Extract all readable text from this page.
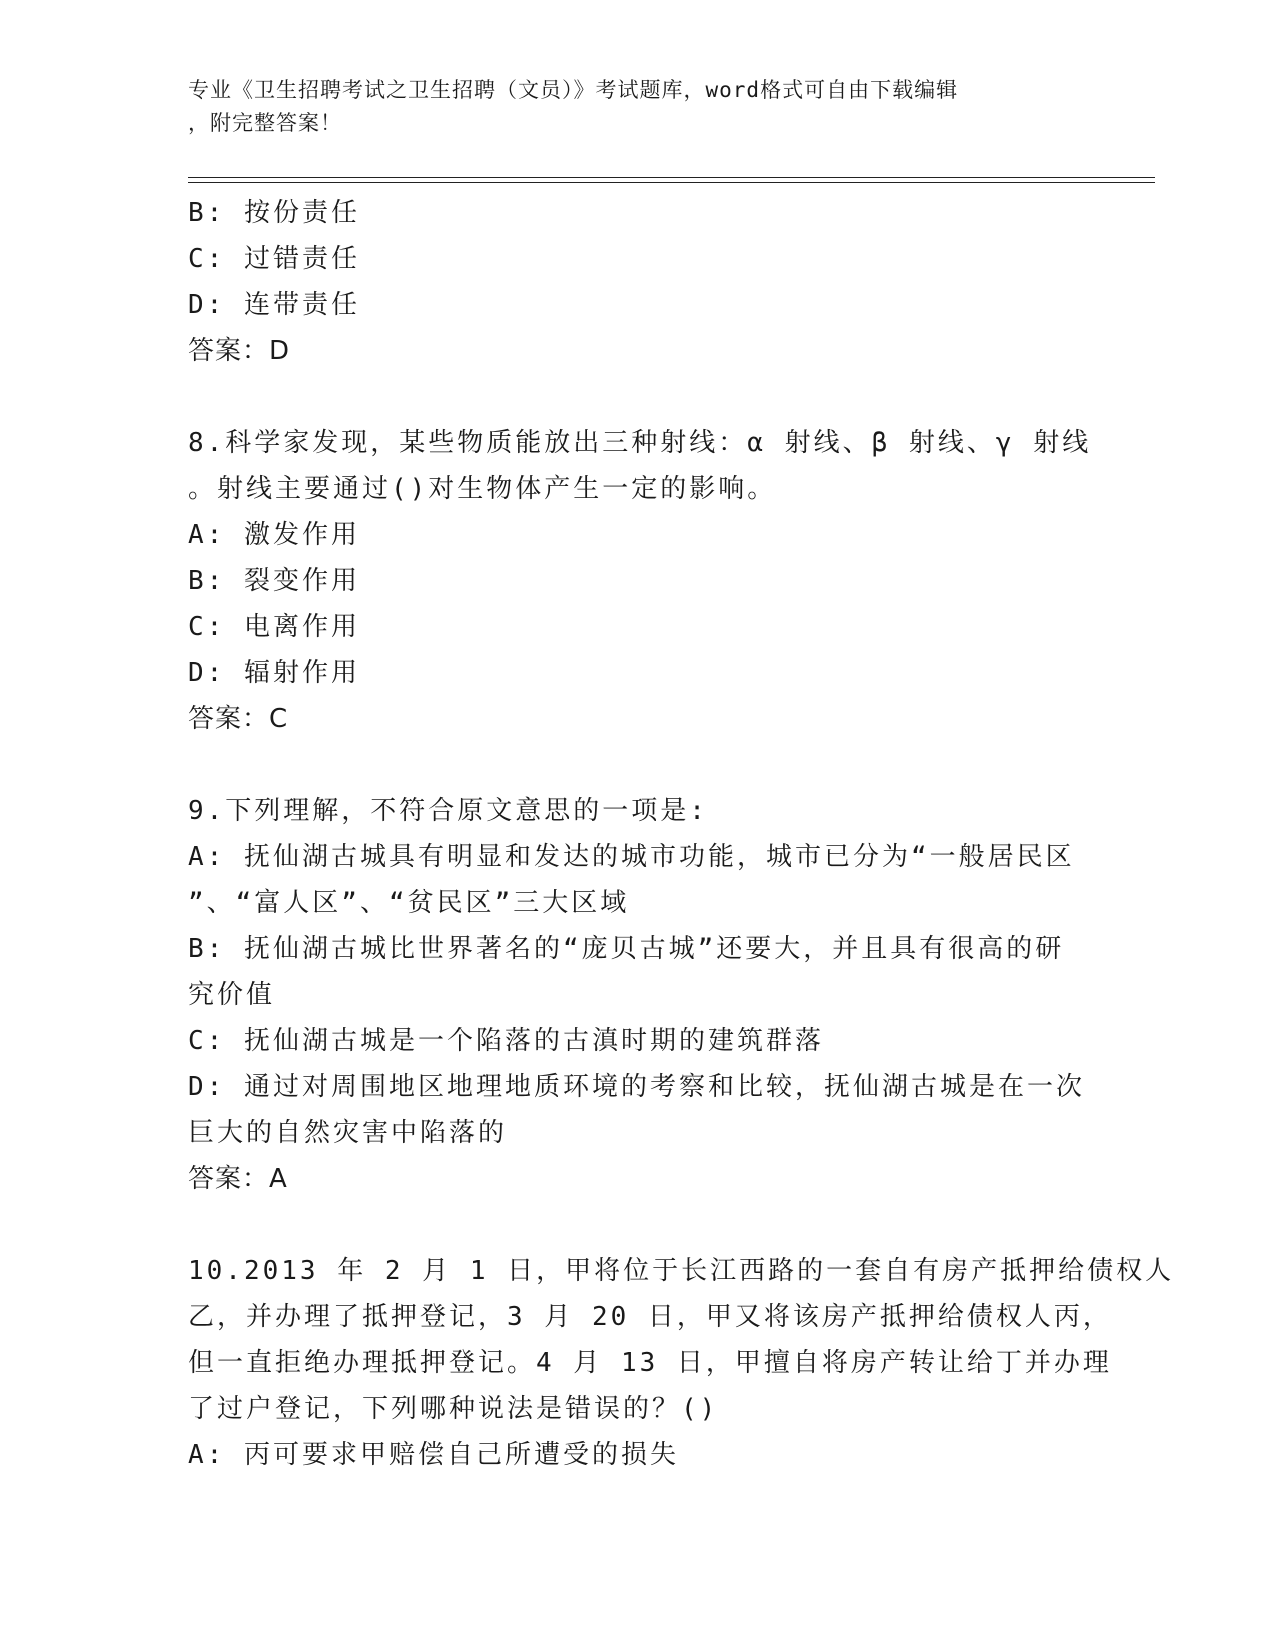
专业《卫生招聘考试之卫生招聘（文员）》考试题库，word格式可自由下载编辑
，附完整答案！
B: 按份责任
C: 过错责任
D: 连带责任
答案：D
8.科学家发现，某些物质能放出三种射线：α 射线、β 射线、γ 射线
。射线主要通过()对生物体产生一定的影响。
A: 激发作用
B: 裂变作用
C: 电离作用
D: 辐射作用
答案：C
9.下列理解，不符合原文意思的一项是:
A: 抚仙湖古城具有明显和发达的城市功能，城市已分为“一般居民区
”、“富人区”、“贫民区”三大区域
B: 抚仙湖古城比世界著名的“庞贝古城”还要大，并且具有很高的研
究价值
C: 抚仙湖古城是一个陷落的古滇时期的建筑群落
D: 通过对周围地区地理地质环境的考察和比较，抚仙湖古城是在一次
巨大的自然灾害中陷落的
答案：A
10.2013 年 2 月 1 日，甲将位于长江西路的一套自有房产抵押给债权人
乙，并办理了抵押登记，3 月 20 日，甲又将该房产抵押给债权人丙，
但一直拒绝办理抵押登记。4 月 13 日，甲擅自将房产转让给丁并办理
了过户登记，下列哪种说法是错误的？()
A: 丙可要求甲赔偿自己所遭受的损失
